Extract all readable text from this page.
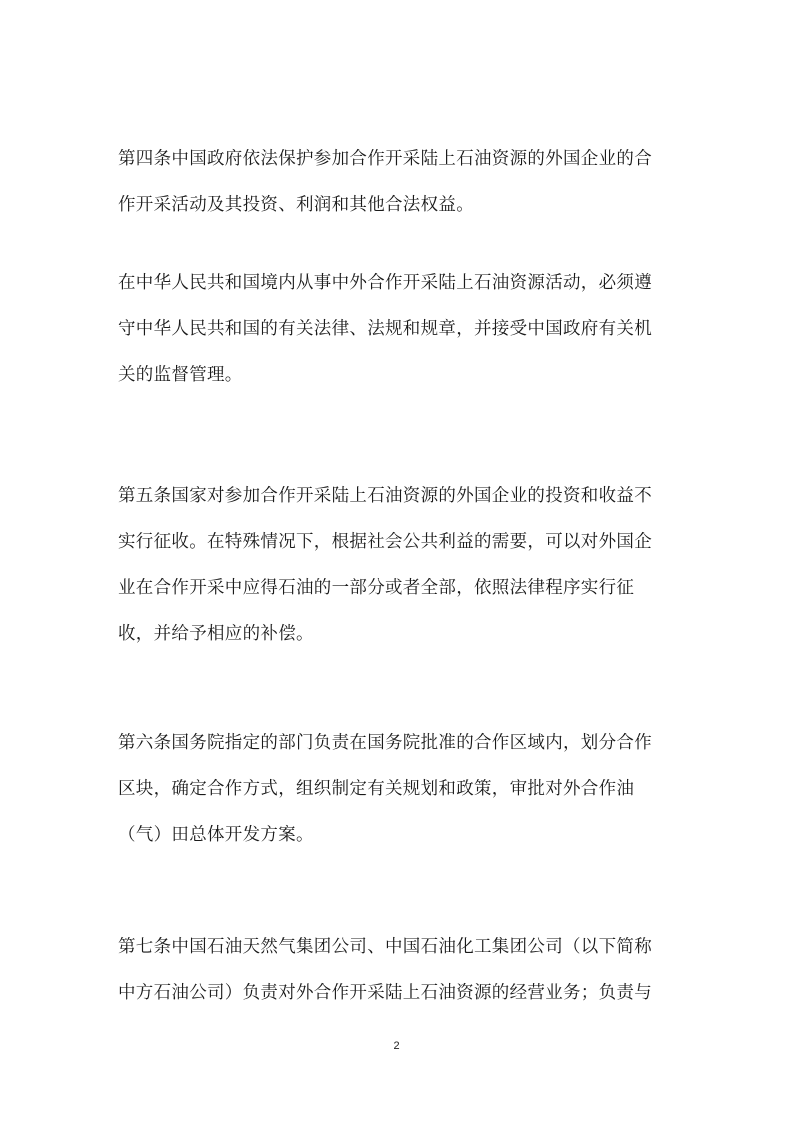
第四条中国政府依法保护参加合作开采陆上石油资源的外国企业的合作开采活动及其投资、利润和其他合法权益。

在中华人民共和国境内从事中外合作开采陆上石油资源活动，必须遵守中华人民共和国的有关法律、法规和规章，并接受中国政府有关机关的监督管理。

第五条国家对参加合作开采陆上石油资源的外国企业的投资和收益不实行征收。在特殊情况下，根据社会公共利益的需要，可以对外国企业在合作开采中应得石油的一部分或者全部，依照法律程序实行征收，并给予相应的补偿。

第六条国务院指定的部门负责在国务院批准的合作区域内，划分合作区块，确定合作方式，组织制定有关规划和政策，审批对外合作油（气）田总体开发方案。

第七条中国石油天然气集团公司、中国石油化工集团公司（以下简称中方石油公司）负责对外合作开采陆上石油资源的经营业务；负责与

2
